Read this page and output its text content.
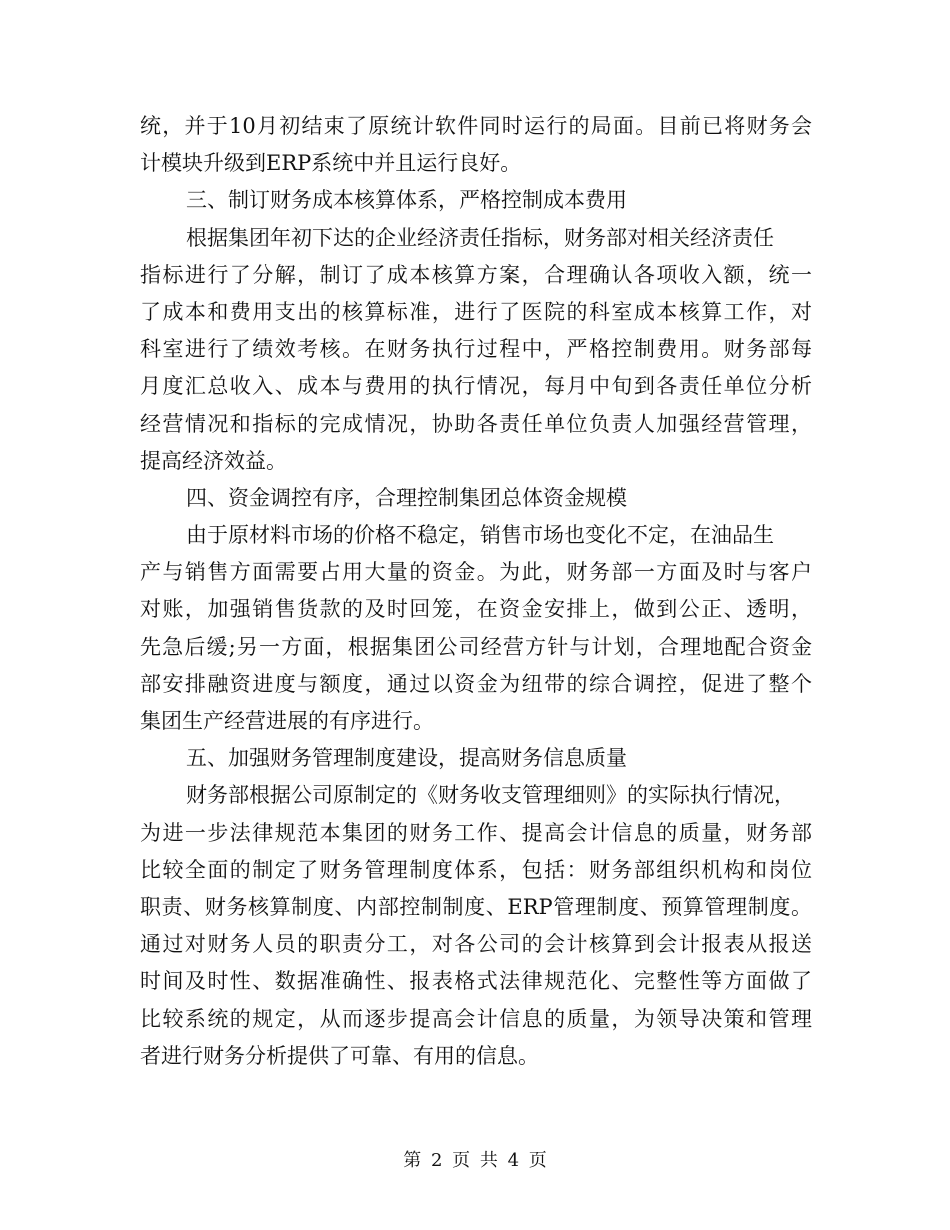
统，并于10月初结束了原统计软件同时运行的局面。目前已将财务会

计模块升级到ERP系统中并且运行良好。

三、制订财务成本核算体系，严格控制成本费用

根据集团年初下达的企业经济责任指标，财务部对相关经济责任

指标进行了分解，制订了成本核算方案，合理确认各项收入额，统一

了成本和费用支出的核算标准，进行了医院的科室成本核算工作，对

科室进行了绩效考核。在财务执行过程中，严格控制费用。财务部每

月度汇总收入、成本与费用的执行情况，每月中旬到各责任单位分析

经营情况和指标的完成情况，协助各责任单位负责人加强经营管理，

提高经济效益。

四、资金调控有序，合理控制集团总体资金规模

由于原材料市场的价格不稳定，销售市场也变化不定，在油品生

产与销售方面需要占用大量的资金。为此，财务部一方面及时与客户

对账，加强销售货款的及时回笼，在资金安排上，做到公正、透明，

先急后缓;另一方面，根据集团公司经营方针与计划，合理地配合资金

部安排融资进度与额度，通过以资金为纽带的综合调控，促进了整个

集团生产经营进展的有序进行。

五、加强财务管理制度建设，提高财务信息质量

财务部根据公司原制定的《财务收支管理细则》的实际执行情况，

为进一步法律规范本集团的财务工作、提高会计信息的质量，财务部

比较全面的制定了财务管理制度体系，包括：财务部组织机构和岗位

职责、财务核算制度、内部控制制度、ERP管理制度、预算管理制度。

通过对财务人员的职责分工，对各公司的会计核算到会计报表从报送

时间及时性、数据准确性、报表格式法律规范化、完整性等方面做了

比较系统的规定，从而逐步提高会计信息的质量，为领导决策和管理

者进行财务分析提供了可靠、有用的信息。

第 2 页 共 4 页
